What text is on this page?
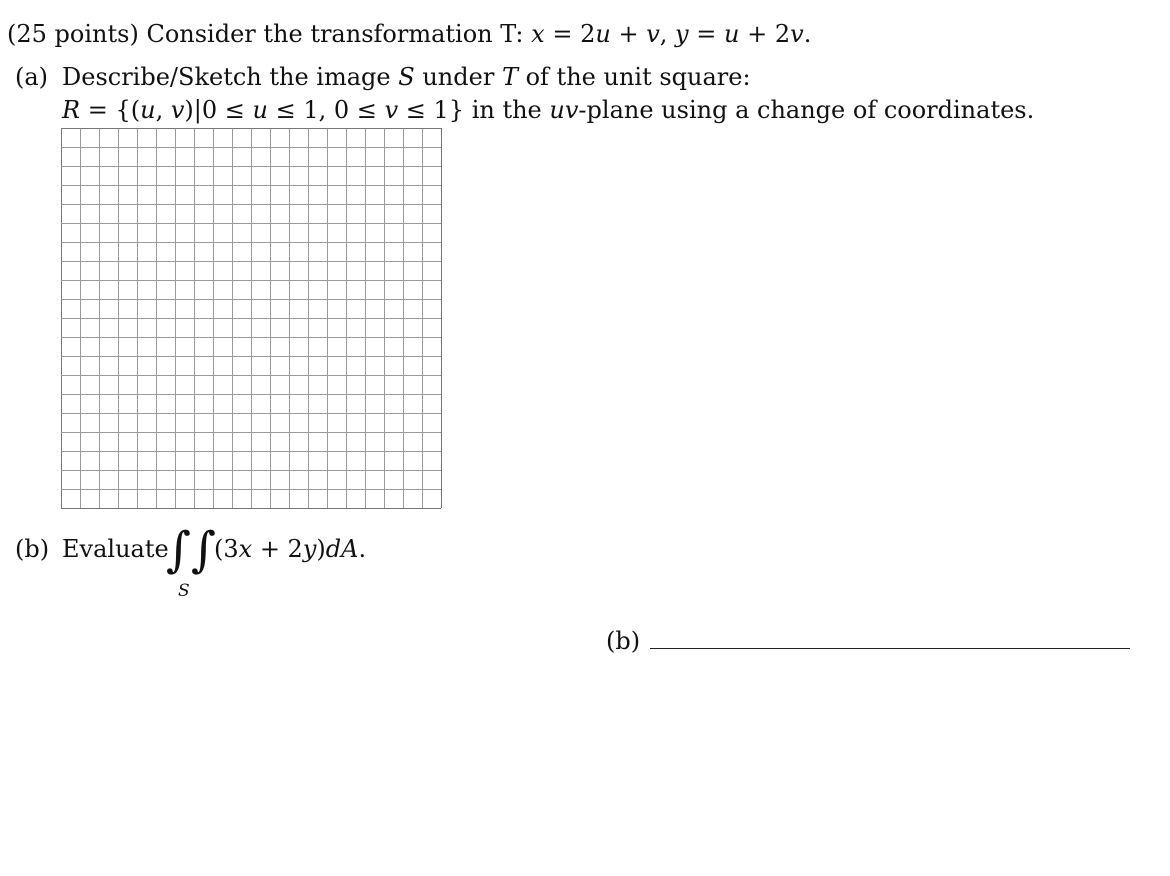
(25 points) Consider the transformation T: x = 2u + v, y = u + 2v.
(a) Describe/Sketch the image S under T of the unit square:
R = {(u, v)|0 ≤ u ≤ 1, 0 ≤ v ≤ 1} in the uv-plane using a change of coordinates.
(b) Evaluate
∫∫
S
(3x + 2y)dA.
(b)
